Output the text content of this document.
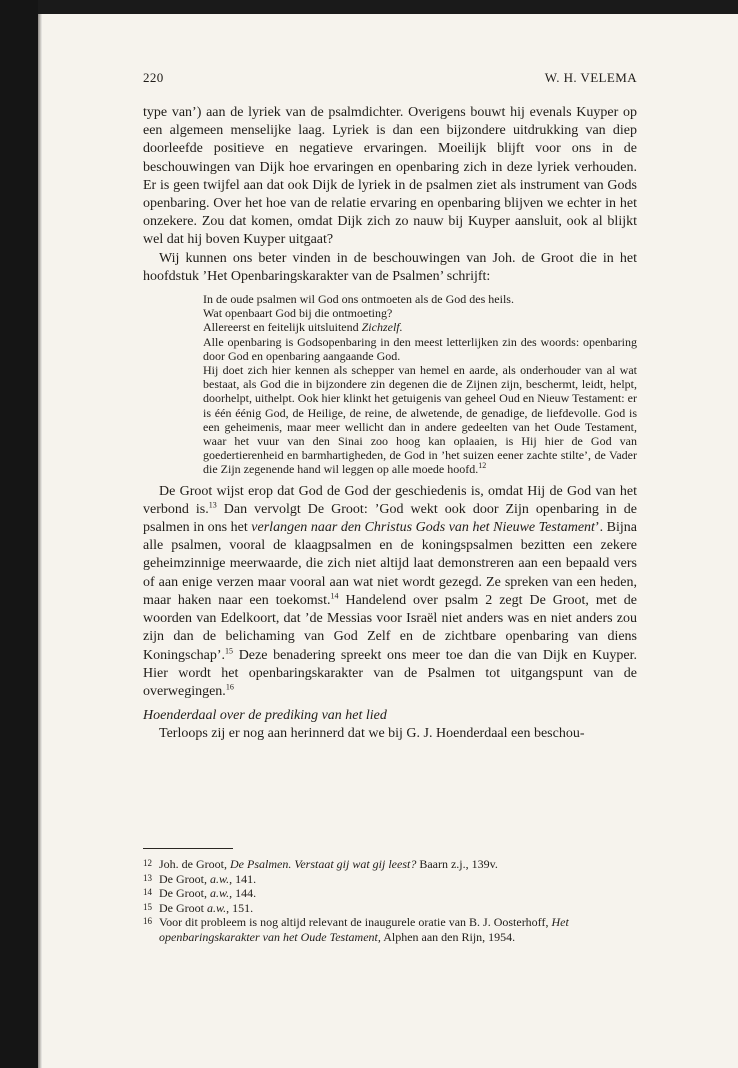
220	W. H. VELEMA

type van’) aan de lyriek van de psalmdichter. Overigens bouwt hij evenals Kuyper op een algemeen menselijke laag. Lyriek is dan een bijzondere uitdrukking van diep doorleefde positieve en negatieve ervaringen. Moeilijk blijft voor ons in de beschouwingen van Dijk hoe ervaringen en openbaring zich in deze lyriek verhouden. Er is geen twijfel aan dat ook Dijk de lyriek in de psalmen ziet als instrument van Gods openbaring. Over het hoe van de relatie ervaring en openbaring blijven we echter in het onzekere. Zou dat komen, omdat Dijk zich zo nauw bij Kuyper aansluit, ook al blijkt wel dat hij boven Kuyper uitgaat?

Wij kunnen ons beter vinden in de beschouwingen van Joh. de Groot die in het hoofdstuk ’Het Openbaringskarakter van de Psalmen’ schrijft:

In de oude psalmen wil God ons ontmoeten als de God des heils.

Wat openbaart God bij die ontmoeting?

Allereerst en feitelijk uitsluitend Zichzelf.

Alle openbaring is Godsopenbaring in den meest letterlijken zin des woords: openbaring door God en openbaring aangaande God.

Hij doet zich hier kennen als schepper van hemel en aarde, als onderhouder van al wat bestaat, als God die in bijzondere zin degenen die de Zijnen zijn, beschermt, leidt, helpt, doorhelpt, uithelpt. Ook hier klinkt het getuigenis van geheel Oud en Nieuw Testament: er is één éénig God, de Heilige, de reine, de alwetende, de genadige, de liefdevolle. God is een geheimenis, maar meer wellicht dan in andere gedeelten van het Oude Testament, waar het vuur van den Sinai zoo hoog kan oplaaien, is Hij hier de God van goedertierenheid en barmhartigheden, de God in ’het suizen eener zachte stilte’, de Vader die Zijn zegenende hand wil leggen op alle moede hoofd.$^{12}$

De Groot wijst erop dat God de God der geschiedenis is, omdat Hij de God van het verbond is.$^{13}$ Dan vervolgt De Groot: ’God wekt ook door Zijn openbaring in de psalmen in ons het verlangen naar den Christus Gods van het Nieuwe Testament’. Bijna alle psalmen, vooral de klaagpsalmen en de koningspsalmen bezitten een zekere geheimzinnige meerwaarde, die zich niet altijd laat demonstreren aan een bepaald vers of aan enige verzen maar vooral aan wat niet wordt gezegd. Ze spreken van een heden, maar haken naar een toekomst.$^{14}$ Handelend over psalm 2 zegt De Groot, met de woorden van Edelkoort, dat ’de Messias voor Israël niet anders was en niet anders zou zijn dan de belichaming van God Zelf en de zichtbare openbaring van diens Koningschap’.$^{15}$ Deze benadering spreekt ons meer toe dan die van Dijk en Kuyper. Hier wordt het openbaringskarakter van de Psalmen tot uitgangspunt van de overwegingen.$^{16}$

Hoenderdaal over de prediking van het lied

Terloops zij er nog aan herinnerd dat we bij G. J. Hoenderdaal een beschou-

12 Joh. de Groot, De Psalmen. Verstaat gij wat gij leest? Baarn z.j., 139v.
13 De Groot, a.w., 141.
14 De Groot, a.w., 144.
15 De Groot a.w., 151.
16 Voor dit probleem is nog altijd relevant de inaugurele oratie van B. J. Oosterhoff, Het openbaringskarakter van het Oude Testament, Alphen aan den Rijn, 1954.
